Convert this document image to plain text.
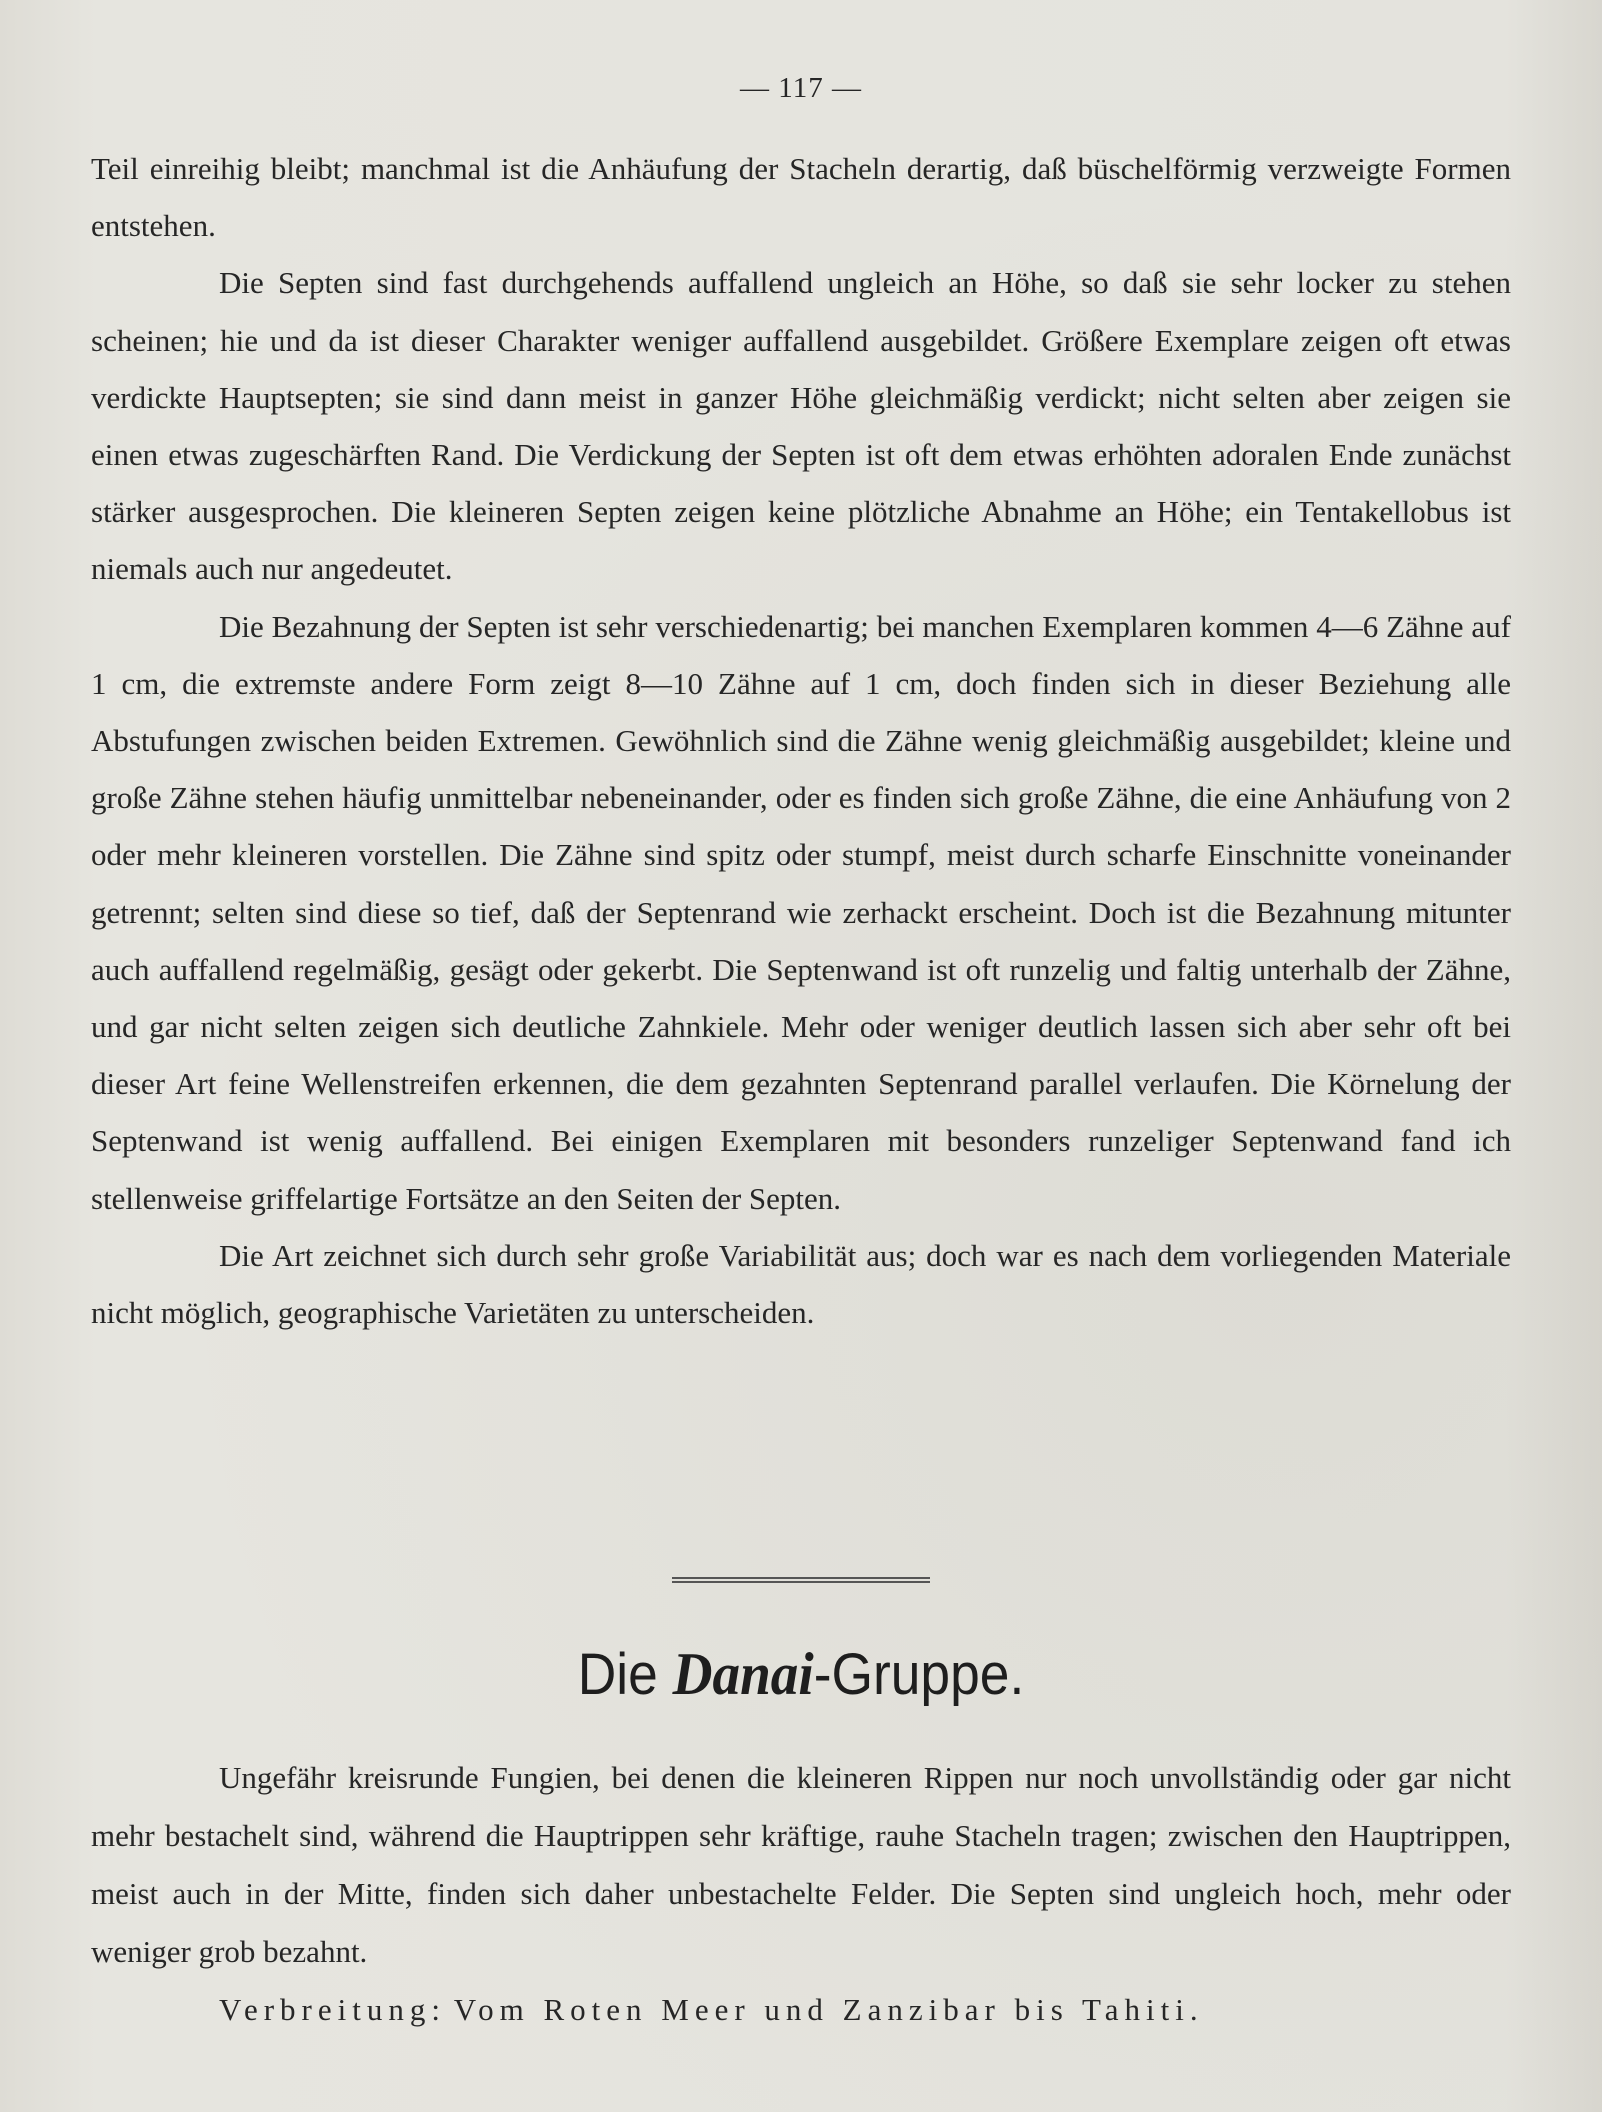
— 117 —

Teil einreihig bleibt; manchmal ist die Anhäufung der Stacheln derartig, daß büschelförmig verzweigte Formen entstehen.

Die Septen sind fast durchgehends auffallend ungleich an Höhe, so daß sie sehr locker zu stehen scheinen; hie und da ist dieser Charakter weniger auffallend ausgebildet. Größere Exemplare zeigen oft etwas verdickte Hauptsepten; sie sind dann meist in ganzer Höhe gleichmäßig verdickt; nicht selten aber zeigen sie einen etwas zugeschärften Rand. Die Verdickung der Septen ist oft dem etwas erhöhten adoralen Ende zunächst stärker ausgesprochen. Die kleineren Septen zeigen keine plötzliche Abnahme an Höhe; ein Tentakellobus ist niemals auch nur angedeutet.

Die Bezahnung der Septen ist sehr verschiedenartig; bei manchen Exemplaren kommen 4—6 Zähne auf 1 cm, die extremste andere Form zeigt 8—10 Zähne auf 1 cm, doch finden sich in dieser Beziehung alle Abstufungen zwischen beiden Extremen. Gewöhnlich sind die Zähne wenig gleichmäßig ausgebildet; kleine und große Zähne stehen häufig unmittelbar nebeneinander, oder es finden sich große Zähne, die eine Anhäufung von 2 oder mehr kleineren vorstellen. Die Zähne sind spitz oder stumpf, meist durch scharfe Einschnitte voneinander getrennt; selten sind diese so tief, daß der Septenrand wie zerhackt erscheint. Doch ist die Bezahnung mitunter auch auffallend regelmäßig, gesägt oder gekerbt. Die Septenwand ist oft runzelig und faltig unterhalb der Zähne, und gar nicht selten zeigen sich deutliche Zahnkiele. Mehr oder weniger deutlich lassen sich aber sehr oft bei dieser Art feine Wellenstreifen erkennen, die dem gezahnten Septenrand parallel verlaufen. Die Körnelung der Septenwand ist wenig auffallend. Bei einigen Exemplaren mit besonders runzeliger Septenwand fand ich stellenweise griffelartige Fortsätze an den Seiten der Septen.

Die Art zeichnet sich durch sehr große Variabilität aus; doch war es nach dem vorliegenden Materiale nicht möglich, geographische Varietäten zu unterscheiden.

Die Danai-Gruppe.

Ungefähr kreisrunde Fungien, bei denen die kleineren Rippen nur noch unvollständig oder gar nicht mehr bestachelt sind, während die Hauptrippen sehr kräftige, rauhe Stacheln tragen; zwischen den Hauptrippen, meist auch in der Mitte, finden sich daher unbestachelte Felder. Die Septen sind ungleich hoch, mehr oder weniger grob bezahnt.

Verbreitung: Vom Roten Meer und Zanzibar bis Tahiti.
